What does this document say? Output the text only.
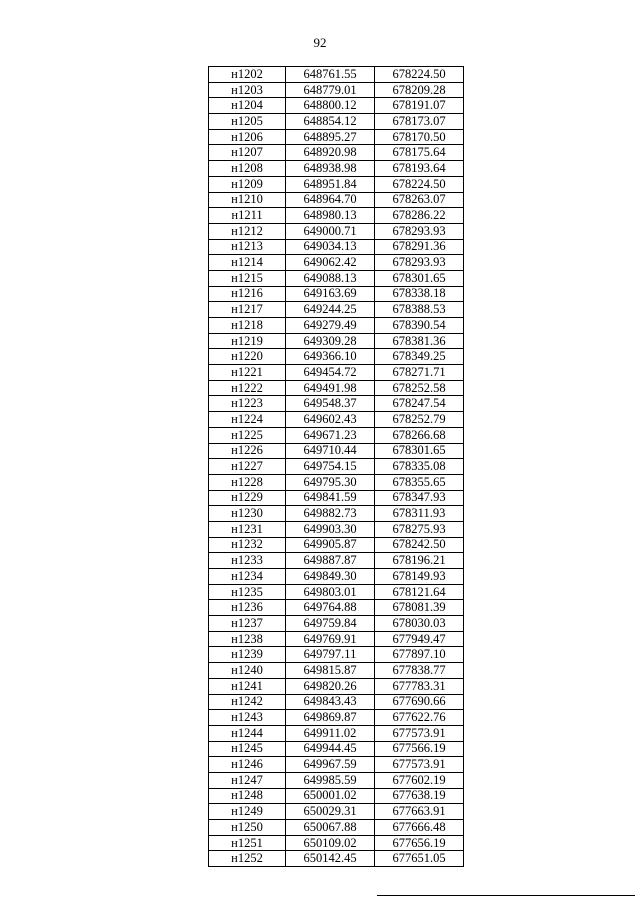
92
н1202	648761.55	678224.50
н1203	648779.01	678209.28
н1204	648800.12	678191.07
н1205	648854.12	678173.07
н1206	648895.27	678170.50
н1207	648920.98	678175.64
н1208	648938.98	678193.64
н1209	648951.84	678224.50
н1210	648964.70	678263.07
н1211	648980.13	678286.22
н1212	649000.71	678293.93
н1213	649034.13	678291.36
н1214	649062.42	678293.93
н1215	649088.13	678301.65
н1216	649163.69	678338.18
н1217	649244.25	678388.53
н1218	649279.49	678390.54
н1219	649309.28	678381.36
н1220	649366.10	678349.25
н1221	649454.72	678271.71
н1222	649491.98	678252.58
н1223	649548.37	678247.54
н1224	649602.43	678252.79
н1225	649671.23	678266.68
н1226	649710.44	678301.65
н1227	649754.15	678335.08
н1228	649795.30	678355.65
н1229	649841.59	678347.93
н1230	649882.73	678311.93
н1231	649903.30	678275.93
н1232	649905.87	678242.50
н1233	649887.87	678196.21
н1234	649849.30	678149.93
н1235	649803.01	678121.64
н1236	649764.88	678081.39
н1237	649759.84	678030.03
н1238	649769.91	677949.47
н1239	649797.11	677897.10
н1240	649815.87	677838.77
н1241	649820.26	677783.31
н1242	649843.43	677690.66
н1243	649869.87	677622.76
н1244	649911.02	677573.91
н1245	649944.45	677566.19
н1246	649967.59	677573.91
н1247	649985.59	677602.19
н1248	650001.02	677638.19
н1249	650029.31	677663.91
н1250	650067.88	677666.48
н1251	650109.02	677656.19
н1252	650142.45	677651.05
